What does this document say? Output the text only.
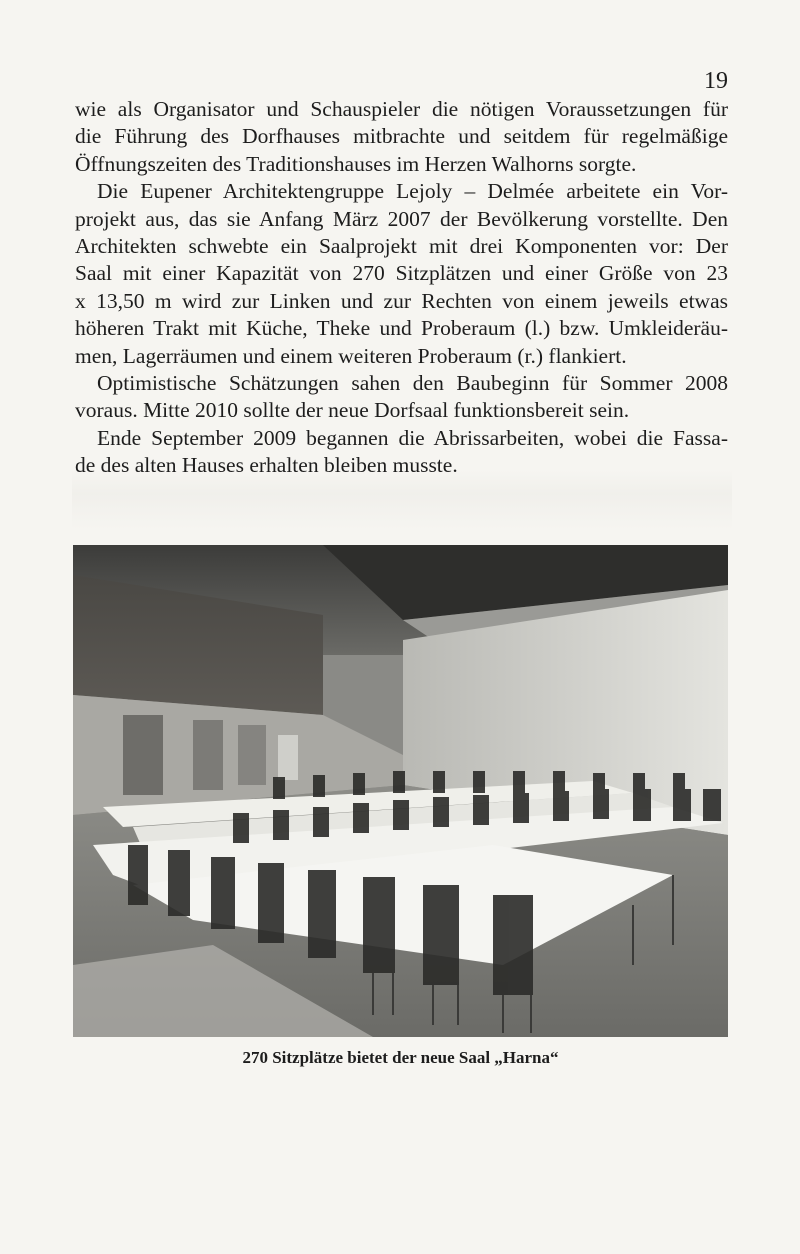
19

wie als Organisator und Schauspieler die nötigen Voraussetzungen für
die Führung des Dorfhauses mitbrachte und seitdem für regelmäßige
Öffnungszeiten des Traditionshauses im Herzen Walhorns sorgte.

Die Eupener Architektengruppe Lejoly – Delmée arbeitete ein Vor-
projekt aus, das sie Anfang März 2007 der Bevölkerung vorstellte. Den
Architekten schwebte ein Saalprojekt mit drei Komponenten vor: Der
Saal mit einer Kapazität von 270 Sitzplätzen und einer Größe von 23
x 13,50 m wird zur Linken und zur Rechten von einem jeweils etwas
höheren Trakt mit Küche, Theke und Proberaum (l.) bzw. Umkleideräu-
men, Lagerräumen und einem weiteren Proberaum (r.) flankiert.

Optimistische Schätzungen sahen den Baubeginn für Sommer 2008
voraus. Mitte 2010 sollte der neue Dorfsaal funktionsbereit sein.

Ende September 2009 begannen die Abrissarbeiten, wobei die Fassa-
de des alten Hauses erhalten bleiben musste.

270 Sitzplätze bietet der neue Saal „Harna“
